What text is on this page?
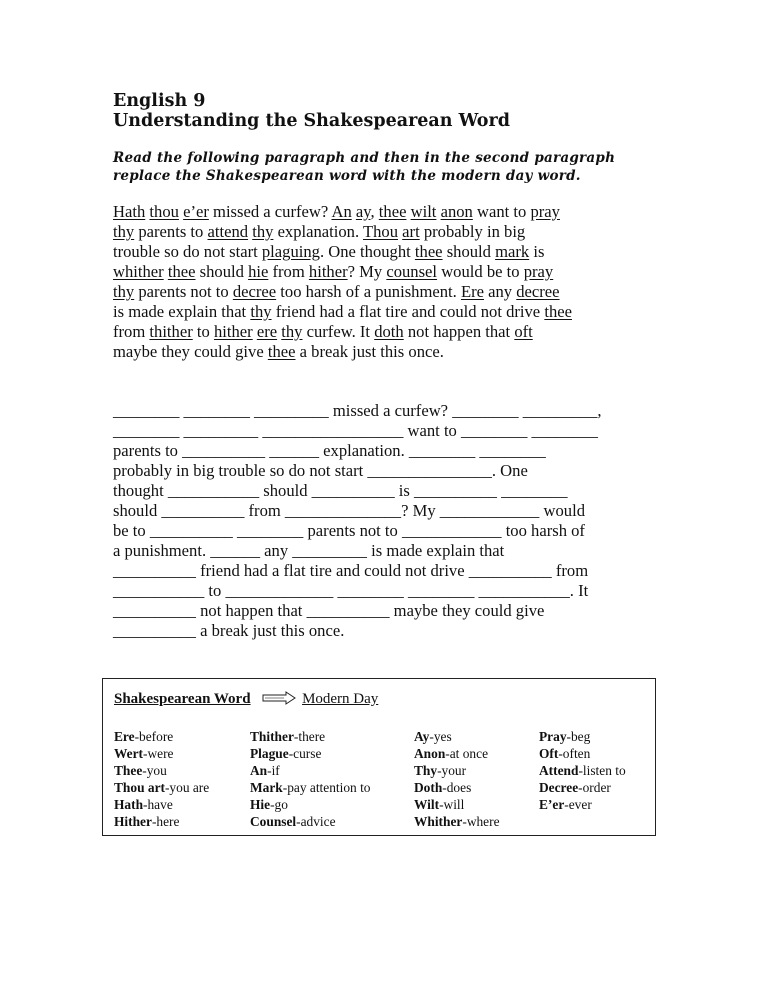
English 9
Understanding the Shakespearean Word
Read the following paragraph and then in the second paragraph replace the Shakespearean word with the modern day word.
Hath thou e’er missed a curfew? An ay, thee wilt anon want to pray
thy parents to attend thy explanation. Thou art probably in big
trouble so do not start plaguing. One thought thee should mark is
whither thee should hie from hither? My counsel would be to pray
thy parents not to decree too harsh of a punishment. Ere any decree
is made explain that thy friend had a flat tire and could not drive thee
from thither to hither ere thy curfew. It doth not happen that oft
maybe they could give thee a break just this once.
________ ________ _________ missed a curfew? ________ _________,
________ _________ _________________ want to ________ ________
parents to __________ ______ explanation. ________ ________
probably in big trouble so do not start _______________. One
thought ___________ should __________ is __________ ________
should __________ from ______________? My ____________ would
be to __________ ________ parents not to ____________ too harsh of
a punishment. ______ any _________ is made explain that
__________ friend had a flat tire and could not drive __________ from
___________ to _____________ ________ ________ ___________. It
__________ not happen that __________ maybe they could give
__________ a break just this once.
Shakespearean Word	Modern Day
Ere-before
Wert-were
Thee-you
Thou art-you are
Hath-have
Hither-here
Thither-there
Plague-curse
An-if
Mark-pay attention to
Hie-go
Counsel-advice
Ay-yes
Anon-at once
Thy-your
Doth-does
Wilt-will
Whither-where
Pray-beg
Oft-often
Attend-listen to
Decree-order
E’er-ever
